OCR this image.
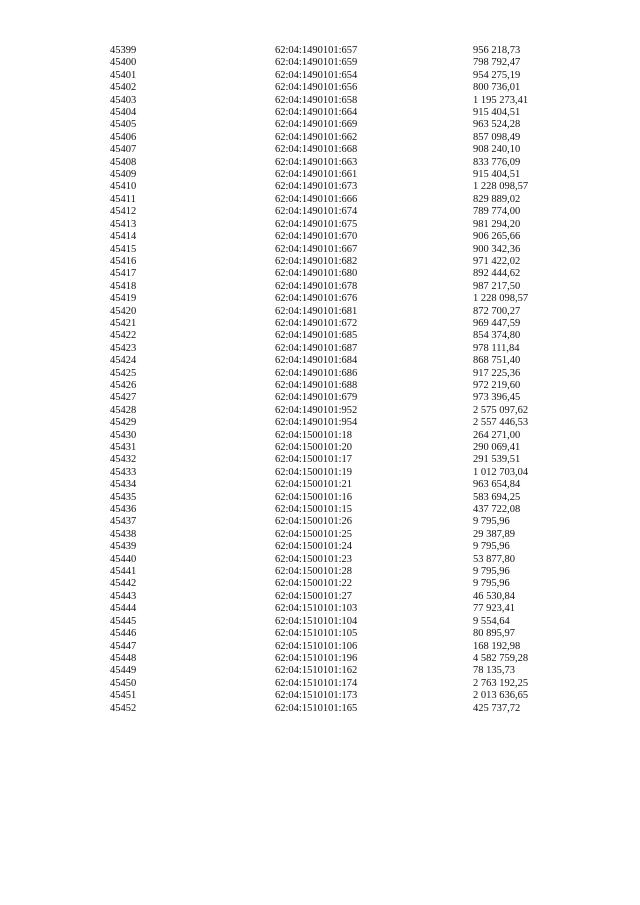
45399	62:04:1490101:657	956 218,73
45400	62:04:1490101:659	798 792,47
45401	62:04:1490101:654	954 275,19
45402	62:04:1490101:656	800 736,01
45403	62:04:1490101:658	1 195 273,41
45404	62:04:1490101:664	915 404,51
45405	62:04:1490101:669	963 524,28
45406	62:04:1490101:662	857 098,49
45407	62:04:1490101:668	908 240,10
45408	62:04:1490101:663	833 776,09
45409	62:04:1490101:661	915 404,51
45410	62:04:1490101:673	1 228 098,57
45411	62:04:1490101:666	829 889,02
45412	62:04:1490101:674	789 774,00
45413	62:04:1490101:675	981 294,20
45414	62:04:1490101:670	906 265,66
45415	62:04:1490101:667	900 342,36
45416	62:04:1490101:682	971 422,02
45417	62:04:1490101:680	892 444,62
45418	62:04:1490101:678	987 217,50
45419	62:04:1490101:676	1 228 098,57
45420	62:04:1490101:681	872 700,27
45421	62:04:1490101:672	969 447,59
45422	62:04:1490101:685	854 374,80
45423	62:04:1490101:687	978 111,84
45424	62:04:1490101:684	868 751,40
45425	62:04:1490101:686	917 225,36
45426	62:04:1490101:688	972 219,60
45427	62:04:1490101:679	973 396,45
45428	62:04:1490101:952	2 575 097,62
45429	62:04:1490101:954	2 557 446,53
45430	62:04:1500101:18	264 271,00
45431	62:04:1500101:20	290 069,41
45432	62:04:1500101:17	291 539,51
45433	62:04:1500101:19	1 012 703,04
45434	62:04:1500101:21	963 654,84
45435	62:04:1500101:16	583 694,25
45436	62:04:1500101:15	437 722,08
45437	62:04:1500101:26	9 795,96
45438	62:04:1500101:25	29 387,89
45439	62:04:1500101:24	9 795,96
45440	62:04:1500101:23	53 877,80
45441	62:04:1500101:28	9 795,96
45442	62:04:1500101:22	9 795,96
45443	62:04:1500101:27	46 530,84
45444	62:04:1510101:103	77 923,41
45445	62:04:1510101:104	9 554,64
45446	62:04:1510101:105	80 895,97
45447	62:04:1510101:106	168 192,98
45448	62:04:1510101:196	4 582 759,28
45449	62:04:1510101:162	78 135,73
45450	62:04:1510101:174	2 763 192,25
45451	62:04:1510101:173	2 013 636,65
45452	62:04:1510101:165	425 737,72
